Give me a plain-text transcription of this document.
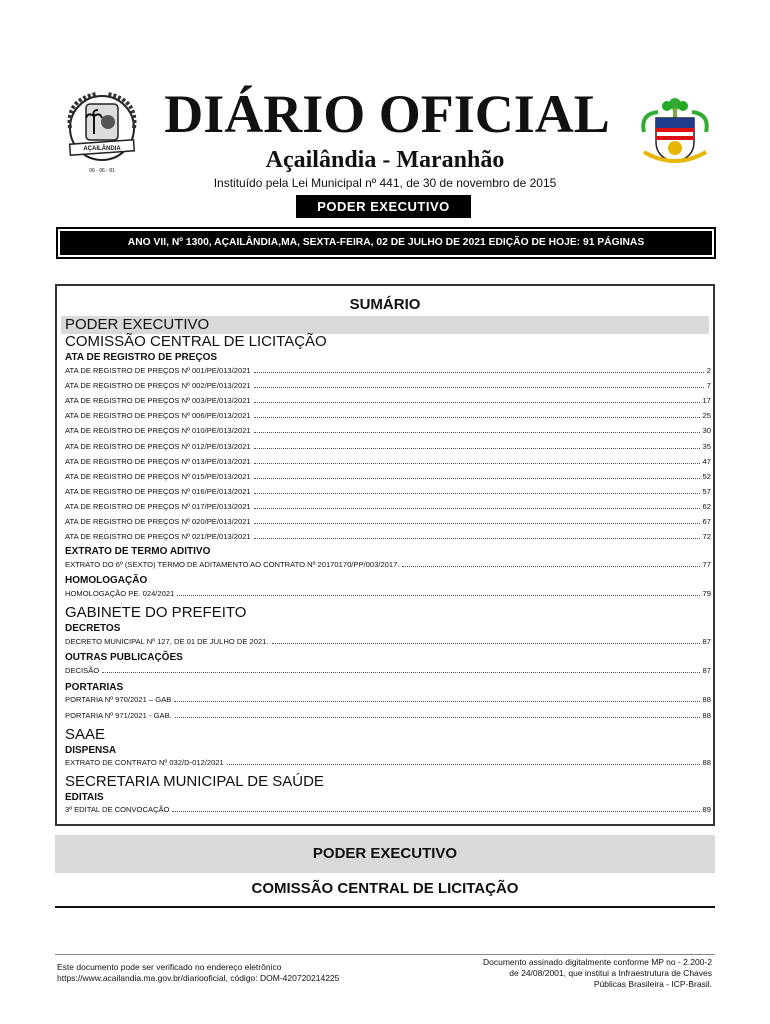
AÇAILÂNDIA
06 - 06 - 81
DIÁRIO OFICIAL
Açailândia - Maranhão
Instituído pela Lei Municipal nº 441, de 30 de novembro de 2015
PODER EXECUTIVO
ANO VII, Nº 1300, AÇAILÂNDIA,MA, SEXTA-FEIRA, 02 DE JULHO DE 2021 EDIÇÃO DE HOJE: 91 PÁGINAS
SUMÁRIO
PODER EXECUTIVO
COMISSÃO CENTRAL DE LICITAÇÃO
ATA DE REGISTRO DE PREÇOS
ATA DE REGISTRO DE PREÇOS Nº 001/PE/013/2021	2
ATA DE REGISTRO DE PREÇOS Nº 002/PE/013/2021	7
ATA DE REGISTRO DE PREÇOS Nº 003/PE/013/2021	17
ATA DE REGISTRO DE PREÇOS Nº 006/PE/013/2021	25
ATA DE REGISTRO DE PREÇOS Nº 010/PE/013/2021	30
ATA DE REGISTRO DE PREÇOS Nº 012/PE/013/2021	35
ATA DE REGISTRO DE PREÇOS Nº 013/PE/013/2021	47
ATA DE REGISTRO DE PREÇOS Nº 015/PE/013/2021	52
ATA DE REGISTRO DE PREÇOS Nº 016/PE/013/2021	57
ATA DE REGISTRO DE PREÇOS Nº 017/PE/013/2021	62
ATA DE REGISTRO DE PREÇOS Nº 020/PE/013/2021	67
ATA DE REGISTRO DE PREÇOS Nº 021/PE/013/2021	72
EXTRATO DE TERMO ADITIVO
EXTRATO DO 6º (SEXTO) TERMO DE ADITAMENTO AO CONTRATO Nº 20170170/PP/003/2017.	77
HOMOLOGAÇÃO
HOMOLOGAÇÃO PE. 024/2021	79
GABINETE DO PREFEITO
DECRETOS
DECRETO MUNICIPAL Nº 127, DE 01 DE JULHO DE 2021.	87
OUTRAS PUBLICAÇÕES
DECISÃO	87
PORTARIAS
PORTARIA Nº 970/2021 – GAB	88
PORTARIA Nº 971/2021 - GAB.	88
SAAE
DISPENSA
EXTRATO DE CONTRATO Nº 032/D-012/2021	88
SECRETARIA MUNICIPAL DE SAÚDE
EDITAIS
3º EDITAL DE CONVOCAÇÃO	89
PODER EXECUTIVO
COMISSÃO CENTRAL DE LICITAÇÃO
Este documento pode ser verificado no endereço eletrônico
https://www.acailandia.ma.gov.br/diariooficial, código: DOM-420720214225
Documento assinado digitalmente conforme MP no - 2.200-2
de 24/08/2001, que institui a Infraestrutura de Chaves
Públicas Brasileira - ICP-Brasil.
